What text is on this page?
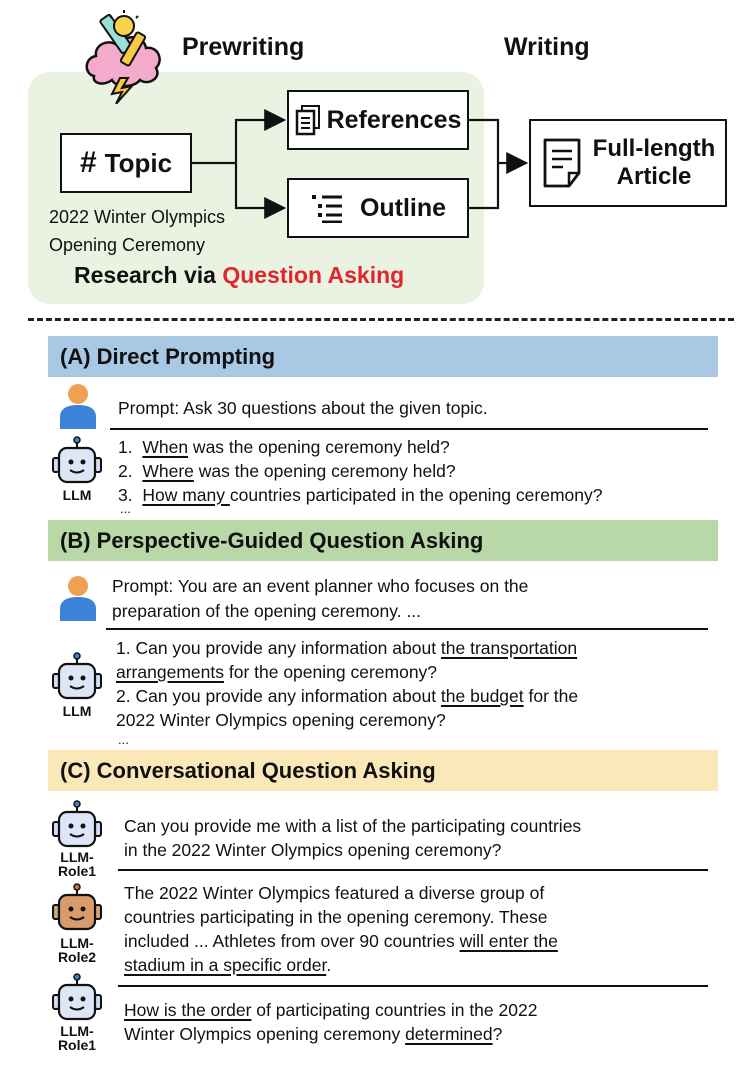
Prewriting	Writing
# Topic
2022 Winter Olympics
Opening Ceremony
Research via Question Asking
References
Outline
Full-length
Article
(A) Direct Prompting
Prompt: Ask 30 questions about the given topic.
LLM
1. When was the opening ceremony held?
2. Where was the opening ceremony held?
3. How many countries participated in the opening ceremony?
...
(B) Perspective-Guided Question Asking
Prompt: You are an event planner who focuses on the
preparation of the opening ceremony. ...
LLM
1. Can you provide any information about the transportation
arrangements for the opening ceremony?
2. Can you provide any information about the budget for the
2022 Winter Olympics opening ceremony?
...
(C) Conversational Question Asking
LLM-
Role1
Can you provide me with a list of the participating countries
in the 2022 Winter Olympics opening ceremony?
LLM-
Role2
The 2022 Winter Olympics featured a diverse group of
countries participating in the opening ceremony. These
included ... Athletes from over 90 countries will enter the
stadium in a specific order.
LLM-
Role1
How is the order of participating countries in the 2022
Winter Olympics opening ceremony determined?
